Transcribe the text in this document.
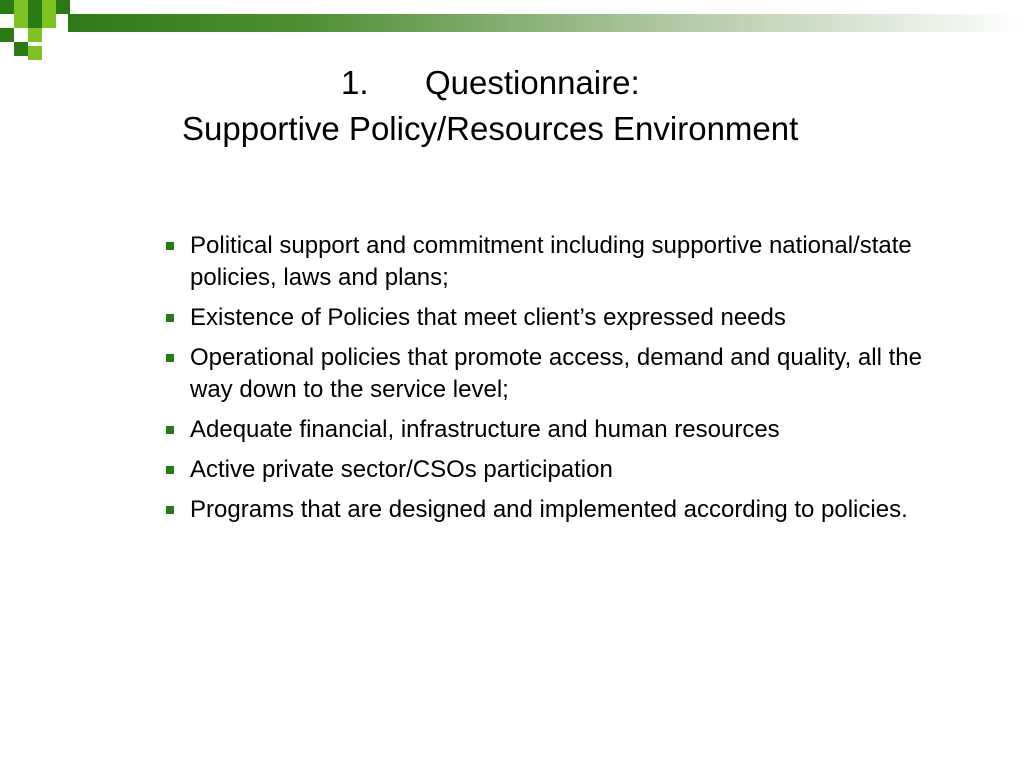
1. Questionnaire:
Supportive Policy/Resources Environment
Political support and commitment including supportive national/state policies, laws and plans;
Existence of Policies that meet client’s expressed needs
Operational policies that promote access, demand and quality, all the way down to the service level;
Adequate financial, infrastructure and human resources
Active private sector/CSOs participation
Programs that are designed and implemented according to policies.
